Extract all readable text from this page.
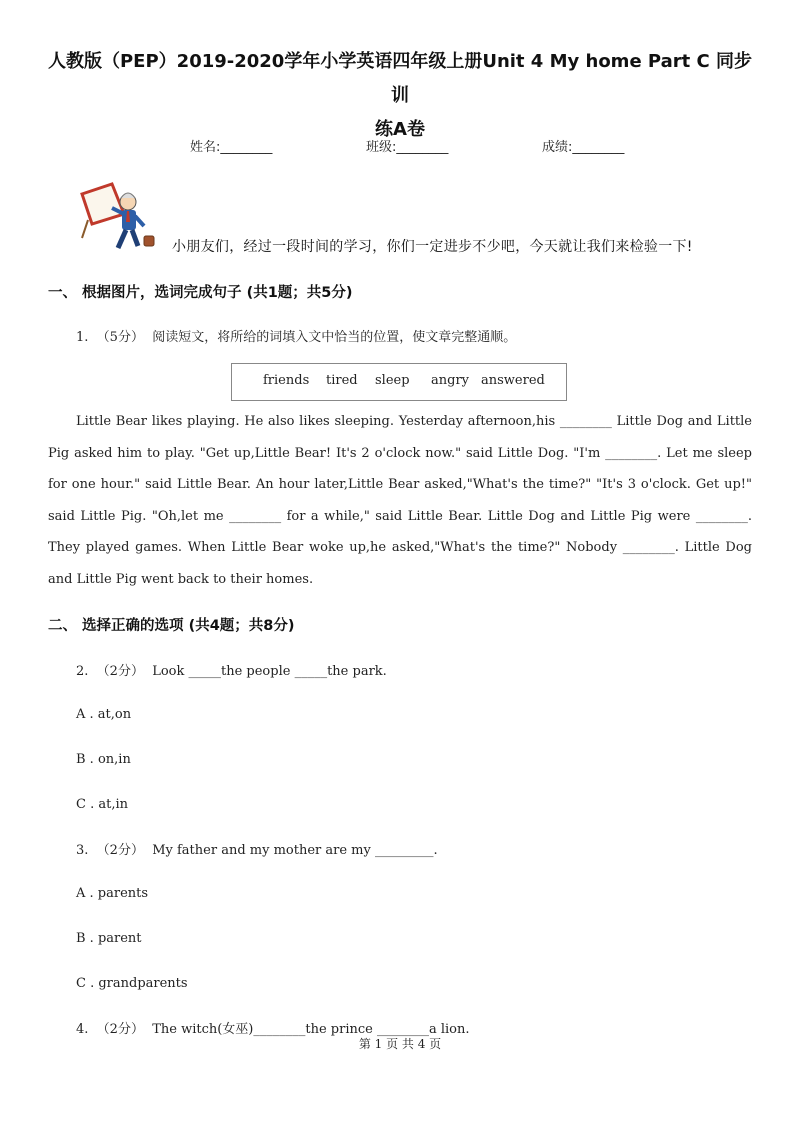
人教版（PEP）2019-2020学年小学英语四年级上册Unit 4 My home Part C 同步训
练A卷
姓名:________	班级:________	成绩:________
小朋友们，经过一段时间的学习，你们一定进步不少吧，今天就让我们来检验一下!
一、 根据图片，选词完成句子 (共1题；共5分)
1.  （5分）  阅读短文，将所给的词填入文中恰当的位置，使文章完整通顺。
friends tired sleep angry answered

Little Bear likes playing. He also likes sleeping. Yesterday afternoon,his ________ Little Dog and Little Pig asked him to play. "Get up,Little Bear! It's 2 o'clock now." said Little Dog. "I'm ________. Let me sleep for one hour." said Little Bear. An hour later,Little Bear asked,"What's the time?" "It's 3 o'clock. Get up!" said Little Pig. "Oh,let me ________ for a while," said Little Bear. Little Dog and Little Pig were ________. They played games. When Little Bear woke up,he asked,"What's the time?" Nobody ________. Little Dog and Little Pig went back to their homes.

二、 选择正确的选项 (共4题；共8分)
2.  （2分）  Look _____the people _____the park.
A . at,on
B . on,in
C . at,in
3.  （2分）  My father and my mother are my _________.
A . parents
B . parent
C . grandparents
4.  （2分）  The witch(女巫)________the prince ________a lion.
第 1 页 共 4 页
